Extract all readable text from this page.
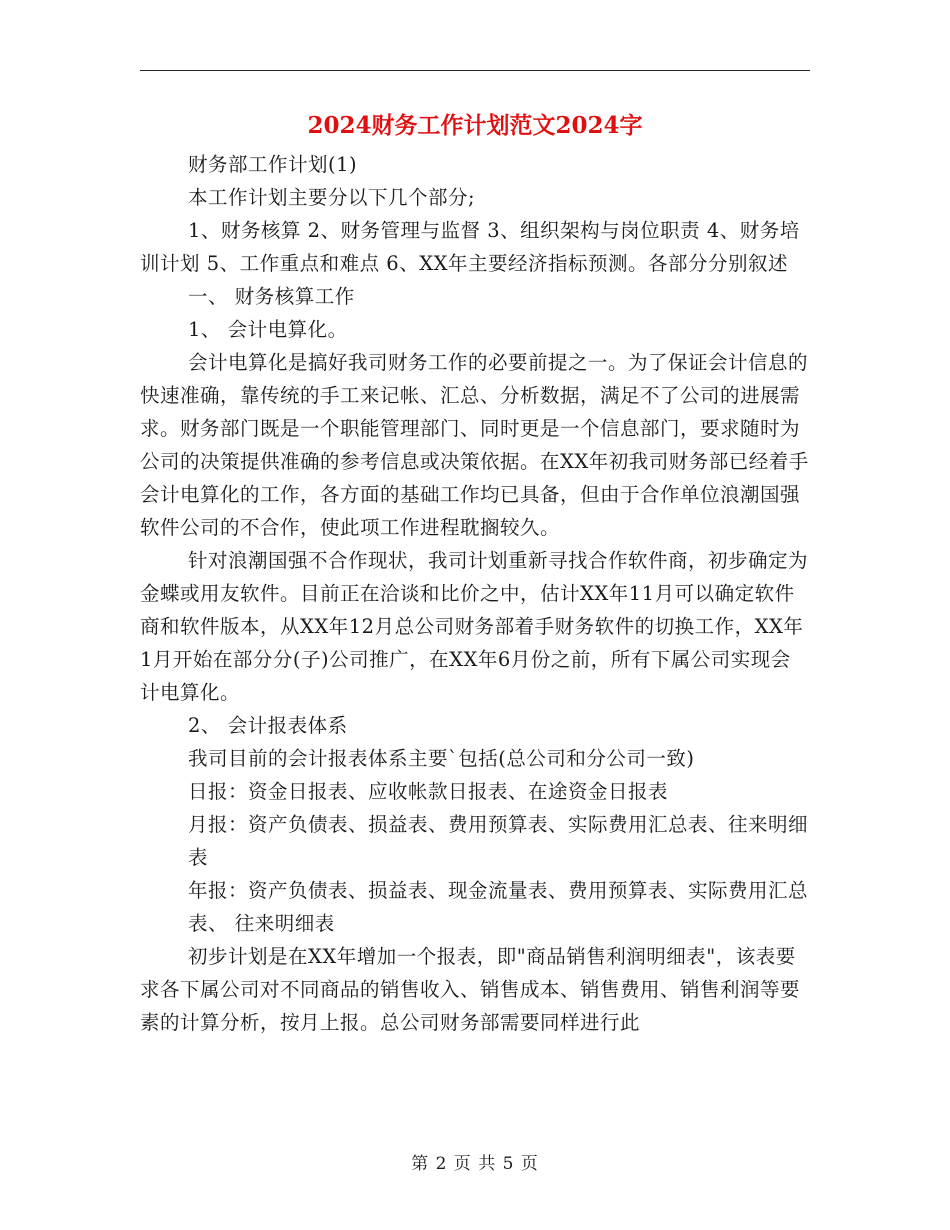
2024财务工作计划范文2024字

财务部工作计划(1)

本工作计划主要分以下几个部分;

1、财务核算 2、财务管理与监督 3、组织架构与岗位职责 4、财务培训计划 5、工作重点和难点 6、XX年主要经济指标预测。各部分分别叙述

一、 财务核算工作

1、 会计电算化。

会计电算化是搞好我司财务工作的必要前提之一。为了保证会计信息的快速准确，靠传统的手工来记帐、汇总、分析数据，满足不了公司的进展需求。财务部门既是一个职能管理部门、同时更是一个信息部门，要求随时为公司的决策提供准确的参考信息或决策依据。在XX年初我司财务部已经着手会计电算化的工作，各方面的基础工作均已具备，但由于合作单位浪潮国强软件公司的不合作，使此项工作进程耽搁较久。

针对浪潮国强不合作现状，我司计划重新寻找合作软件商，初步确定为金蝶或用友软件。目前正在洽谈和比价之中，估计XX年11月可以确定软件商和软件版本，从XX年12月总公司财务部着手财务软件的切换工作，XX年1月开始在部分分(子)公司推广，在XX年6月份之前，所有下属公司实现会计电算化。

2、 会计报表体系

我司目前的会计报表体系主要`包括(总公司和分公司一致)

日报：资金日报表、应收帐款日报表、在途资金日报表

月报：资产负债表、损益表、费用预算表、实际费用汇总表、往来明细表

年报：资产负债表、损益表、现金流量表、费用预算表、实际费用汇总表、 往来明细表

初步计划是在XX年增加一个报表，即"商品销售利润明细表"，该表要求各下属公司对不同商品的销售收入、销售成本、销售费用、销售利润等要素的计算分析，按月上报。总公司财务部需要同样进行此

第 2 页 共 5 页
